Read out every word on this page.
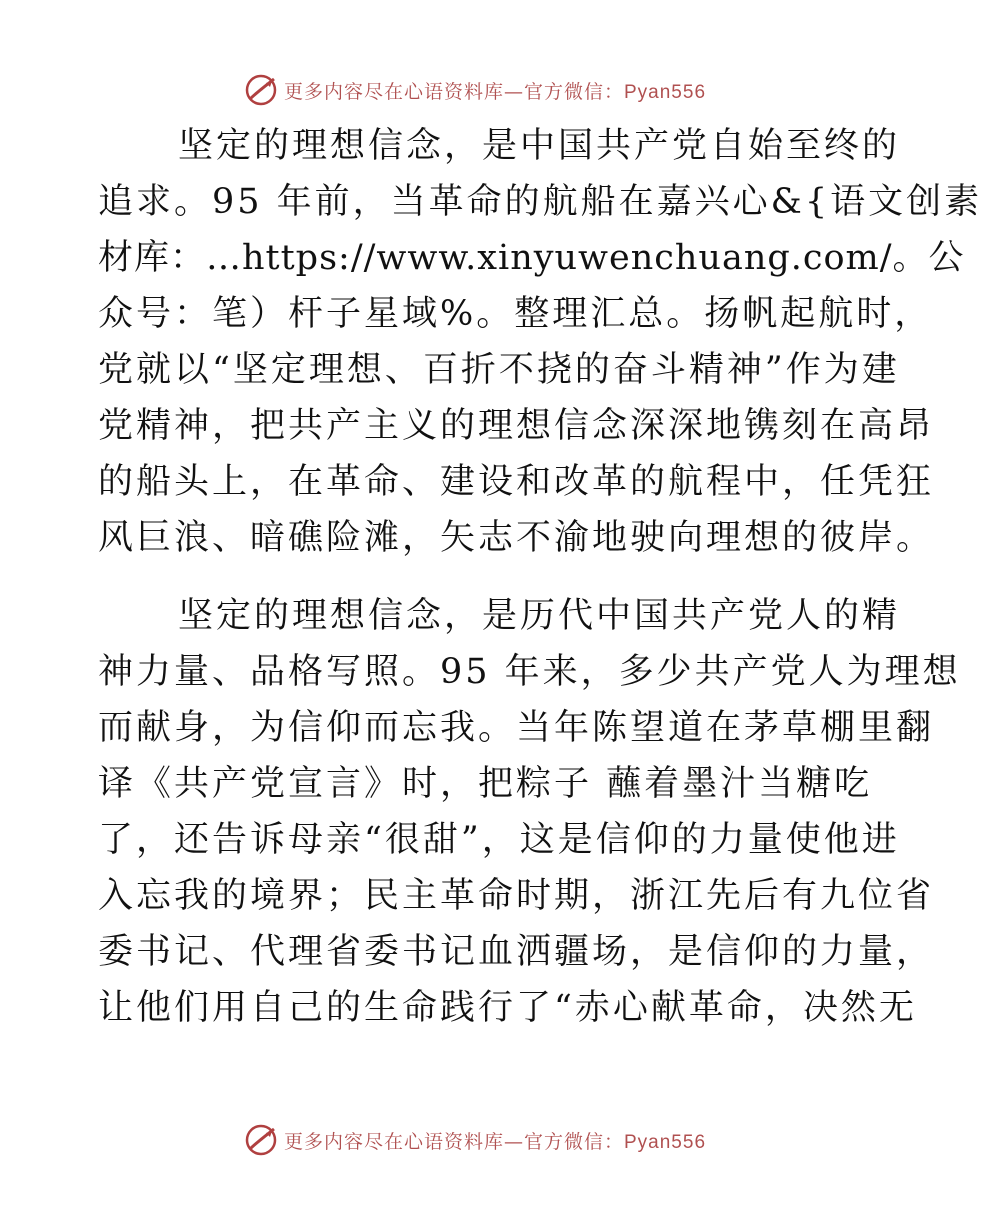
更多内容尽在心语资料库—官方微信：Pyan556
坚定的理想信念，是中国共产党自始至终的
追求。95 年前，当革命的航船在嘉兴心&{语文创素
材库：…https://www.xinyuwenchuang.com/。公
众号：笔）杆子星域%。整理汇总。扬帆起航时，
党就以“坚定理想、百折不挠的奋斗精神”作为建
党精神，把共产主义的理想信念深深地镌刻在高昂
的船头上，在革命、建设和改革的航程中，任凭狂
风巨浪、暗礁险滩，矢志不渝地驶向理想的彼岸。
坚定的理想信念，是历代中国共产党人的精
神力量、品格写照。95 年来，多少共产党人为理想
而献身，为信仰而忘我。当年陈望道在茅草棚里翻
译《共产党宣言》时，把粽子 蘸着墨汁当糖吃
了，还告诉母亲“很甜”，这是信仰的力量使他进
入忘我的境界；民主革命时期，浙江先后有九位省
委书记、代理省委书记血洒疆场，是信仰的力量，
让他们用自己的生命践行了“赤心献革命，决然无
更多内容尽在心语资料库—官方微信：Pyan556
